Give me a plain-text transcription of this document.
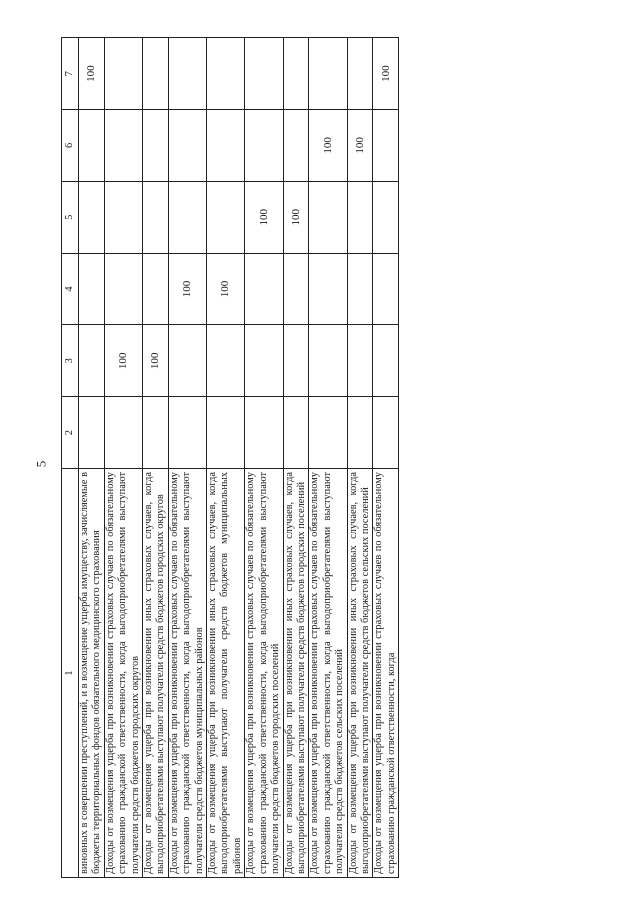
5
1	2	3	4	5	6	7
виновных в совершении преступлений, и в возмещение ущерба имуществу, зачисляемые в бюджеты территориальных фондов обязательного медицинского страхования						100
Доходы от возмещения ущерба при возникновении страховых случаев по обязательному страхованию гражданской ответственности, когда выгодоприобретателями выступают получатели средств бюджетов городских округов		100				
Доходы от возмещения ущерба при возникновении иных страховых случаев, когда выгодоприобретателями выступают получатели средств бюджетов городских округов		100				
Доходы от возмещения ущерба при возникновении страховых случаев по обязательному страхованию гражданской ответственности, когда выгодоприобретателями выступают получатели средств бюджетов муниципальных районов			100			
Доходы от возмещения ущерба при возникновении иных страховых случаев, когда выгодоприобретателями выступают получатели средств бюджетов муниципальных районов			100			
Доходы от возмещения ущерба при возникновении страховых случаев по обязательному страхованию гражданской ответственности, когда выгодоприобретателями выступают получатели средств бюджетов городских поселений				100		
Доходы от возмещения ущерба при возникновении иных страховых случаев, когда выгодоприобретателями выступают получатели средств бюджетов городских поселений				100		
Доходы от возмещения ущерба при возникновении страховых случаев по обязательному страхованию гражданской ответственности, когда выгодоприобретателями выступают получатели средств бюджетов сельских поселений					100	
Доходы от возмещения ущерба при возникновении иных страховых случаев, когда выгодоприобретателями выступают получатели средств бюджетов сельских поселений					100	
Доходы от возмещения ущерба при возникновении страховых случаев по обязательному страхованию гражданской ответственности, когда						100
